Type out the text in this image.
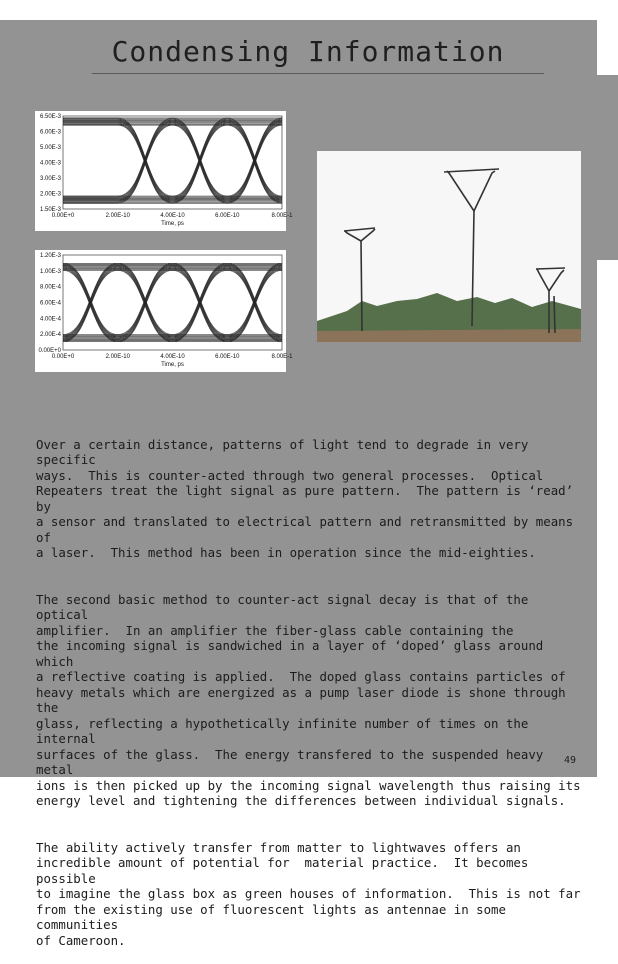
Condensing Information
0.00E+0	2.00E-10	4.00E-10	6.00E-10	8.00E-1
1.50E-3
2.00E-3
3.00E-3
4.00E-3
5.00E-3
6.00E-3
6.50E-3
Time, ps
0.00E+0	2.00E-10	4.00E-10	6.00E-10	8.00E-1
0.00E+0
2.00E-4
4.00E-4
6.00E-4
8.00E-4
1.00E-3
1.20E-3
Time, ps

Over a certain distance, patterns of light tend to degrade in very specific
ways.  This is counter-acted through two general processes.  Optical
Repeaters treat the light signal as pure pattern.  The pattern is ‘read’ by
a sensor and translated to electrical pattern and retransmitted by means of
a laser.  This method has been in operation since the mid-eighties.

The second basic method to counter-act signal decay is that of the optical
amplifier.  In an amplifier the fiber-glass cable containing the
the incoming signal is sandwiched in a layer of ‘doped’ glass around which
a reflective coating is applied.  The doped glass contains particles of
heavy metals which are energized as a pump laser diode is shone through the
glass, reflecting a hypothetically infinite number of times on the internal
surfaces of the glass.  The energy transfered to the suspended heavy metal
ions is then picked up by the incoming signal wavelength thus raising its
energy level and tightening the differences between individual signals.

The ability actively transfer from matter to lightwaves offers an
incredible amount of potential for  material practice.  It becomes possible
to imagine the glass box as green houses of information.  This is not far
from the existing use of fluorescent lights as antennae in some communities
of Cameroon.

49
